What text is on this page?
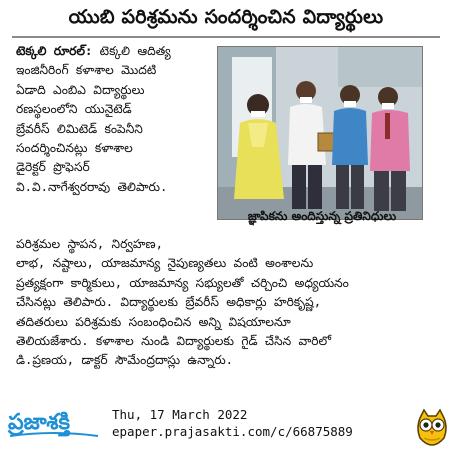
యుబి పరిశ్రమను సందర్శించిన విద్యార్థులు
టెక్కలి రూరల్: టెక్కలి ఆదిత్య
ఇంజినీరింగ్ కళాశాల మొదటి
ఏడాది ఎంబిఎ విద్యార్థులు
రణస్థలంలోని యునైటెడ్
బ్రేవరీస్ లిమిటెడ్ కంపెనీని
సందర్శించినట్లు కళాశాల
డైరెక్టర్ ప్రొఫెసర్
వి.వి.నాగేశ్వరరావు తెలిపారు.
జ్ఞాపికను అందిస్తున్న ప్రతినిధులు
పరిశ్రమల స్థాపన, నిర్వహణ,
లాభ, నష్టాలు, యాజమాన్య నైపుణ్యతలు వంటి అంశాలను
ప్రత్యక్షంగా కార్మికులు, యాజమాన్య సభ్యులతో చర్చించి అధ్యయనం
చేసినట్లు తెలిపారు. విద్యార్థులకు బ్రేవరీస్ అధికార్లు హరికృష్ణ,
తదితరులు పరిశ్రమకు సంబంధించిన అన్ని విషయాలనూ
తెలియజేశారు. కళాశాల నుండి విద్యార్థులకు గైడ్ చేసిన వారిలో
డి.ప్రణయ, డాక్టర్ సౌమేంద్రదాస్లు ఉన్నారు.
ప్రజాశక్తి	Thu, 17 March 2022
epaper.prajasakti.com/c/66875889
